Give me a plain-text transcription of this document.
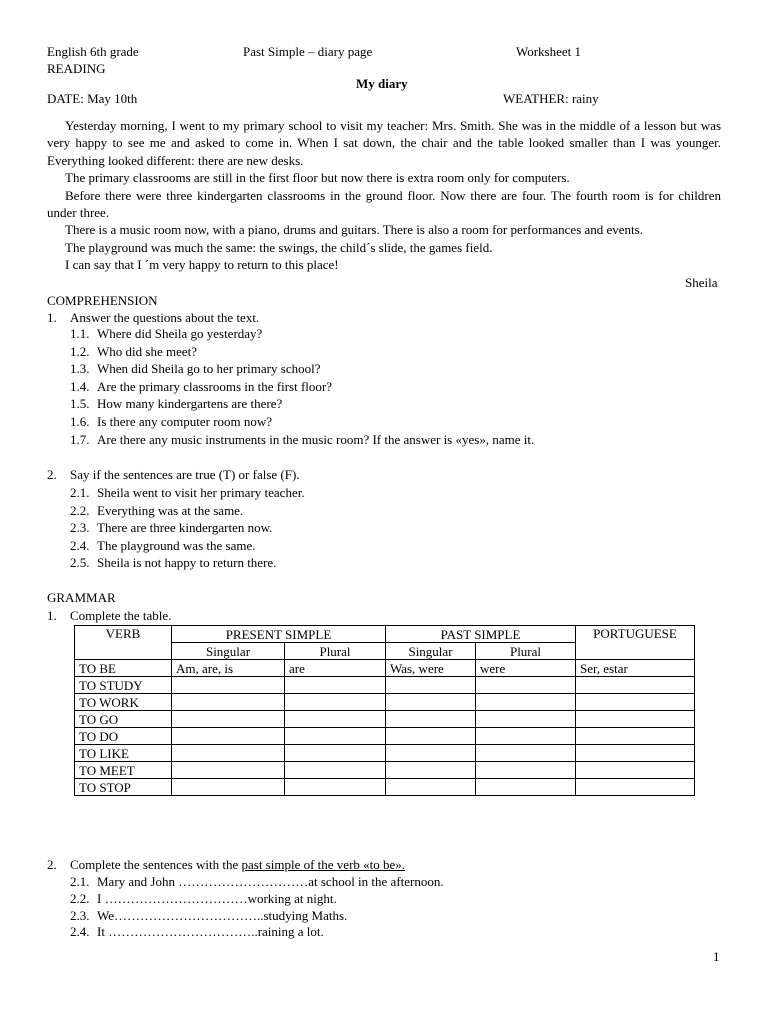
English 6th grade	Past Simple – diary page	Worksheet 1
READING
My diary
DATE: May 10th	WEATHER: rainy

Yesterday morning, I went to my primary school to visit my teacher: Mrs. Smith. She was in the middle of a lesson but was very happy to see me and asked to come in. When I sat down, the chair and the table looked smaller than I was younger. Everything looked different: there are new desks.

The primary classrooms are still in the first floor but now there is extra room only for computers.

Before there were three kindergarten classrooms in the ground floor. Now there are four. The fourth room is for children under three.

There is a music room now, with a piano, drums and guitars. There is also a room for performances and events.

The playground was much the same: the swings, the child´s slide, the games field.

I can say that I ´m very happy to return to this place!

Sheila
COMPREHENSION
1. Answer the questions about the text.
1.1. Where did Sheila go yesterday?
1.2. Who did she meet?
1.3. When did Sheila go to her primary school?
1.4. Are the primary classrooms in the first floor?
1.5. How many kindergartens are there?
1.6. Is there any computer room now?
1.7. Are there any music instruments in the music room? If the answer is «yes», name it.
2. Say if the sentences are true (T) or false (F).
2.1. Sheila went to visit her primary teacher.
2.2. Everything was at the same.
2.3. There are three kindergarten now.
2.4. The playground was the same.
2.5. Sheila is not happy to return there.
GRAMMAR
1. Complete the table.
VERB	PRESENT SIMPLE		PAST SIMPLE		PORTUGUESE
	Singular	Plural	Singular	Plural	
TO BE	Am, are, is	are	Was, were	were	Ser, estar
TO STUDY					
TO WORK					
TO GO					
TO DO					
TO LIKE					
TO MEET					
TO STOP					
2. Complete the sentences with the past simple of the verb «to be».
2.1. Mary and John …………………………at school in the afternoon.
2.2. I ……………………………working at night.
2.3. We……………………………..studying Maths.
2.4. It ……………………………..raining a lot.
1
